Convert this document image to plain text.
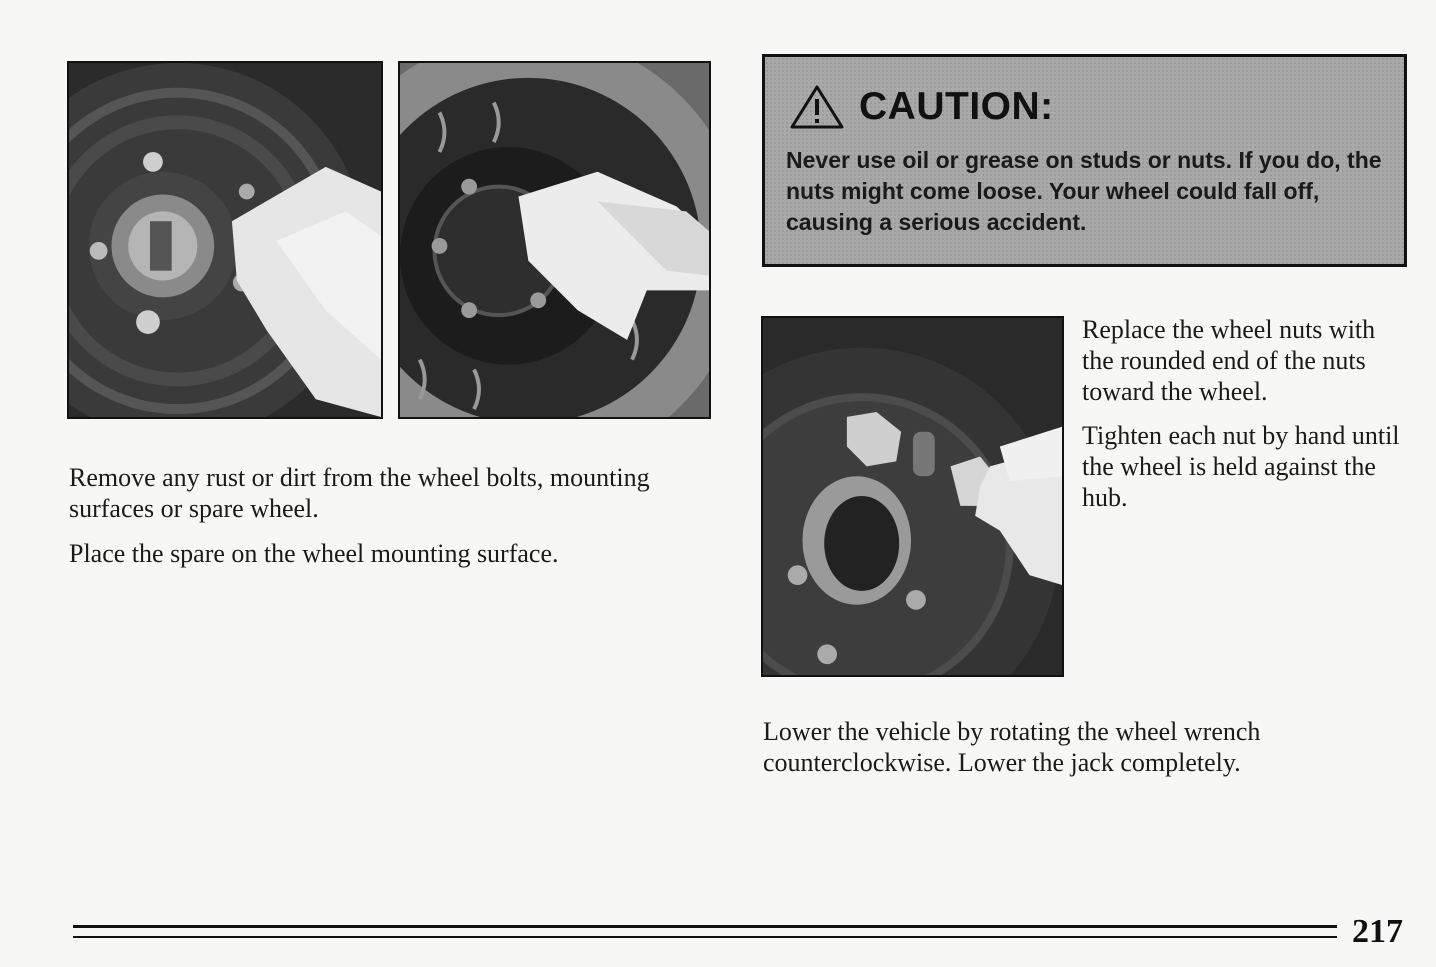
CAUTION:

Never use oil or grease on studs or nuts. If you do, the nuts might come loose. Your wheel could fall off, causing a serious accident.

Remove any rust or dirt from the wheel bolts, mounting surfaces or spare wheel.

Place the spare on the wheel mounting surface.

Replace the wheel nuts with the rounded end of the nuts toward the wheel.

Tighten each nut by hand until the wheel is held against the hub.

Lower the vehicle by rotating the wheel wrench counterclockwise. Lower the jack completely.

217
